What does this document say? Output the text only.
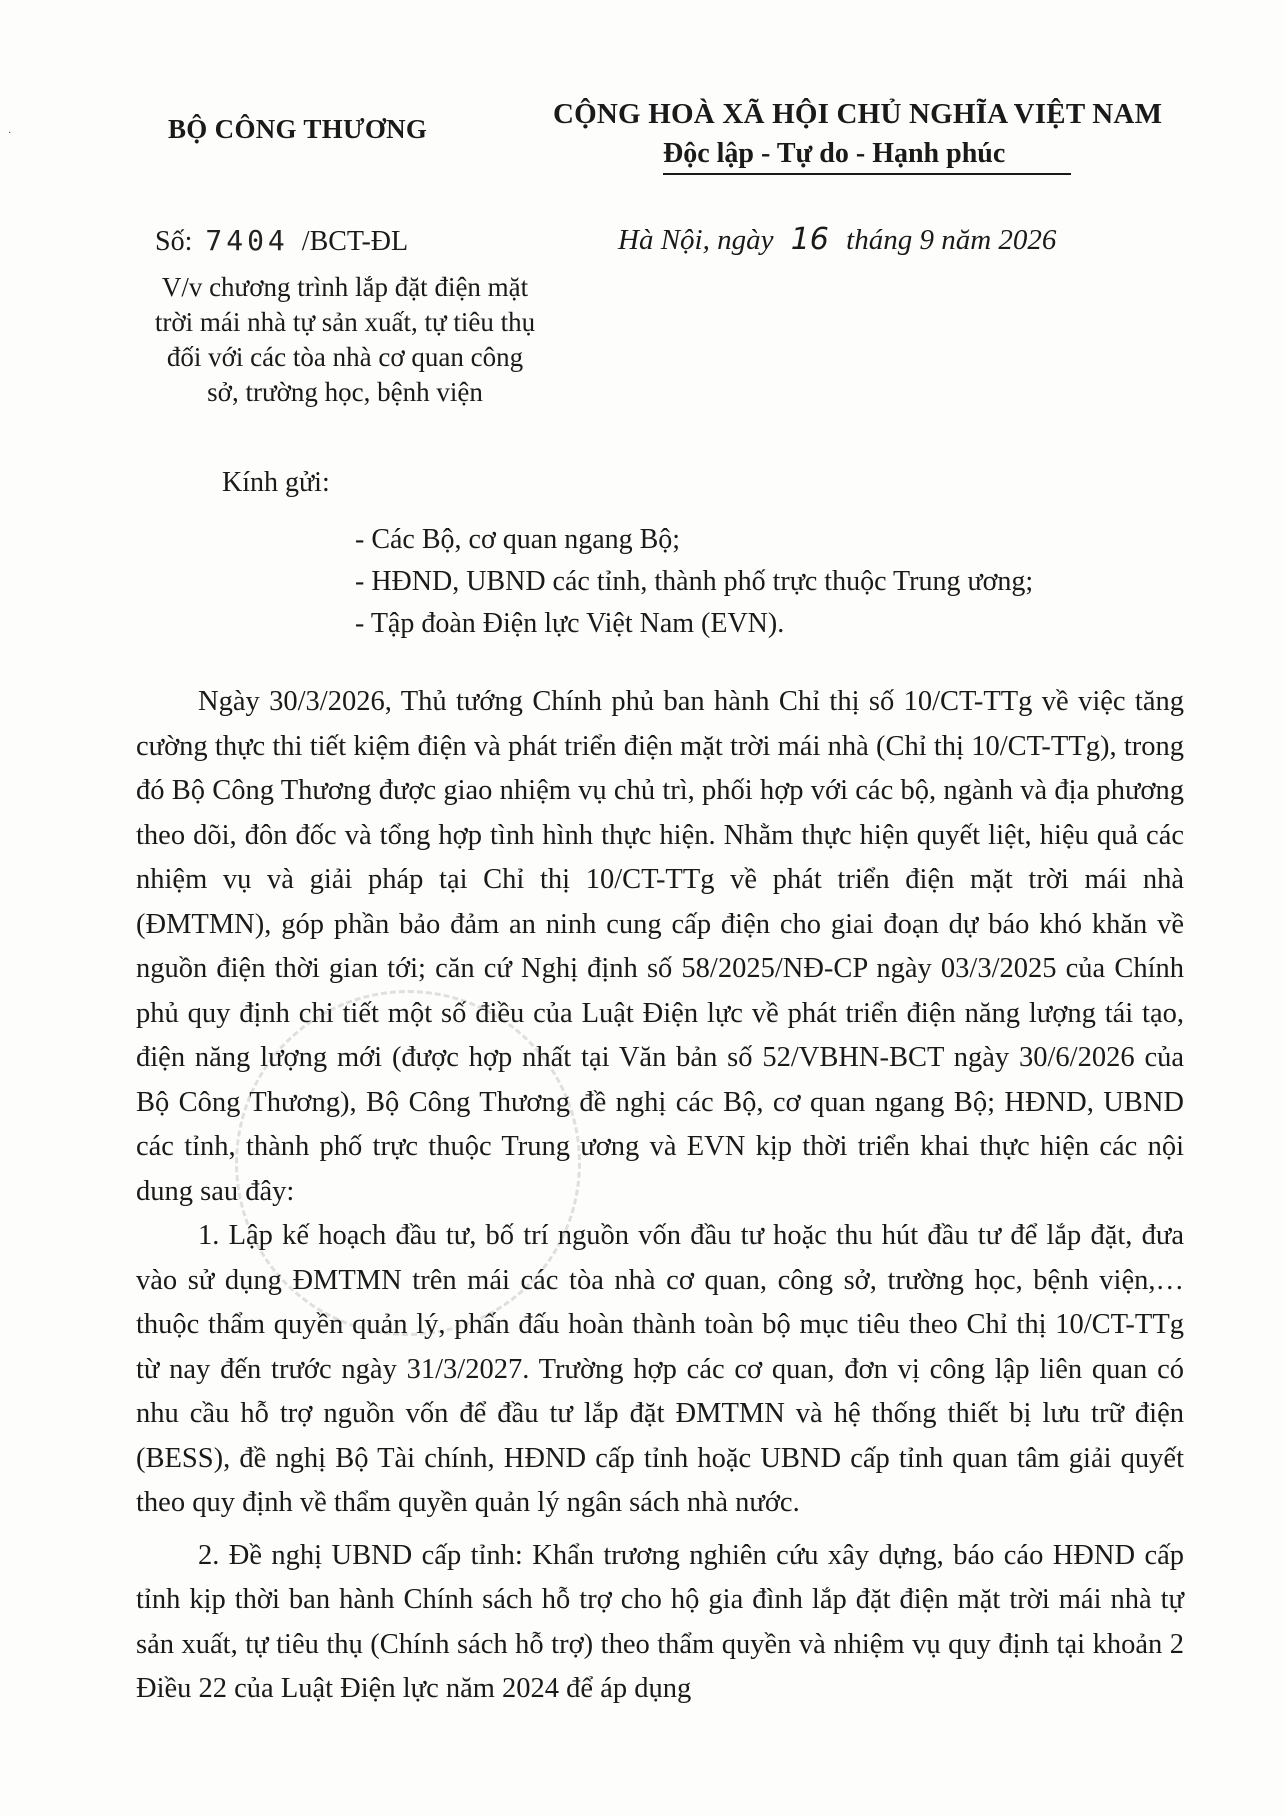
·	BỘ CÔNG THƯƠNG	CỘNG HOÀ XÃ HỘI CHỦ NGHĨA VIỆT NAM
Độc lập - Tự do - Hạnh phúc
Số: 7404 /BCT-ĐL	Hà Nội, ngày 16 tháng 9 năm 2026
V/v chương trình lắp đặt điện mặt trời mái nhà tự sản xuất, tự tiêu thụ đối với các tòa nhà cơ quan công sở, trường học, bệnh viện
Kính gửi:
- Các Bộ, cơ quan ngang Bộ;
- HĐND, UBND các tỉnh, thành phố trực thuộc Trung ương;
- Tập đoàn Điện lực Việt Nam (EVN).

Ngày 30/3/2026, Thủ tướng Chính phủ ban hành Chỉ thị số 10/CT-TTg về việc tăng cường thực thi tiết kiệm điện và phát triển điện mặt trời mái nhà (Chỉ thị 10/CT-TTg), trong đó Bộ Công Thương được giao nhiệm vụ chủ trì, phối hợp với các bộ, ngành và địa phương theo dõi, đôn đốc và tổng hợp tình hình thực hiện. Nhằm thực hiện quyết liệt, hiệu quả các nhiệm vụ và giải pháp tại Chỉ thị 10/CT-TTg về phát triển điện mặt trời mái nhà (ĐMTMN), góp phần bảo đảm an ninh cung cấp điện cho giai đoạn dự báo khó khăn về nguồn điện thời gian tới; căn cứ Nghị định số 58/2025/NĐ-CP ngày 03/3/2025 của Chính phủ quy định chi tiết một số điều của Luật Điện lực về phát triển điện năng lượng tái tạo, điện năng lượng mới (được hợp nhất tại Văn bản số 52/VBHN-BCT ngày 30/6/2026 của Bộ Công Thương), Bộ Công Thương đề nghị các Bộ, cơ quan ngang Bộ; HĐND, UBND các tỉnh, thành phố trực thuộc Trung ương và EVN kịp thời triển khai thực hiện các nội dung sau đây:

1. Lập kế hoạch đầu tư, bố trí nguồn vốn đầu tư hoặc thu hút đầu tư để lắp đặt, đưa vào sử dụng ĐMTMN trên mái các tòa nhà cơ quan, công sở, trường học, bệnh viện,…thuộc thẩm quyền quản lý, phấn đấu hoàn thành toàn bộ mục tiêu theo Chỉ thị 10/CT-TTg từ nay đến trước ngày 31/3/2027. Trường hợp các cơ quan, đơn vị công lập liên quan có nhu cầu hỗ trợ nguồn vốn để đầu tư lắp đặt ĐMTMN và hệ thống thiết bị lưu trữ điện (BESS), đề nghị Bộ Tài chính, HĐND cấp tỉnh hoặc UBND cấp tỉnh quan tâm giải quyết theo quy định về thẩm quyền quản lý ngân sách nhà nước.

2. Đề nghị UBND cấp tỉnh: Khẩn trương nghiên cứu xây dựng, báo cáo HĐND cấp tỉnh kịp thời ban hành Chính sách hỗ trợ cho hộ gia đình lắp đặt điện mặt trời mái nhà tự sản xuất, tự tiêu thụ (Chính sách hỗ trợ) theo thẩm quyền và nhiệm vụ quy định tại khoản 2 Điều 22 của Luật Điện lực năm 2024 để áp dụng
